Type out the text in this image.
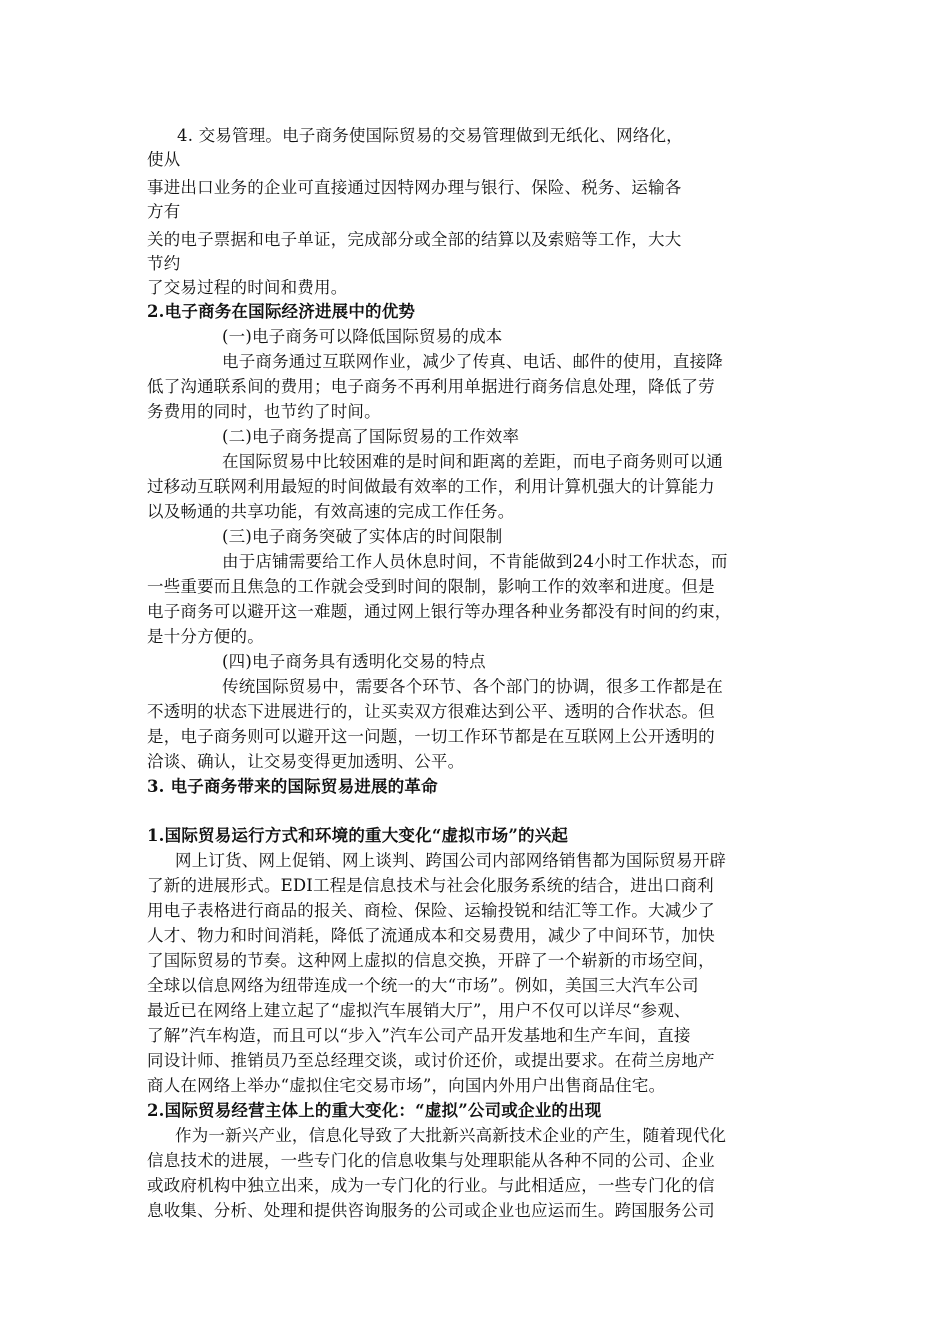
4. 交易管理。电子商务使国际贸易的交易管理做到无纸化、网络化，
使从
事进出口业务的企业可直接通过因特网办理与银行、保险、税务、运输各
方有
关的电子票据和电子单证，完成部分或全部的结算以及索赔等工作，大大
节约
了交易过程的时间和费用。
2.电子商务在国际经济进展中的优势
(一)电子商务可以降低国际贸易的成本
电子商务通过互联网作业，减少了传真、电话、邮件的使用，直接降
低了沟通联系间的费用；电子商务不再利用单据进行商务信息处理，降低了劳
务费用的同时，也节约了时间。
(二)电子商务提高了国际贸易的工作效率
在国际贸易中比较困难的是时间和距离的差距，而电子商务则可以通
过移动互联网利用最短的时间做最有效率的工作，利用计算机强大的计算能力
以及畅通的共享功能，有效高速的完成工作任务。
(三)电子商务突破了实体店的时间限制
由于店铺需要给工作人员休息时间，不肯能做到24小时工作状态，而
一些重要而且焦急的工作就会受到时间的限制，影响工作的效率和进度。但是
电子商务可以避开这一难题，通过网上银行等办理各种业务都没有时间的约束，
是十分方便的。
(四)电子商务具有透明化交易的特点
传统国际贸易中，需要各个环节、各个部门的协调，很多工作都是在
不透明的状态下进展进行的，让买卖双方很难达到公平、透明的合作状态。但
是，电子商务则可以避开这一问题，一切工作环节都是在互联网上公开透明的
洽谈、确认，让交易变得更加透明、公平。
3. 电子商务带来的国际贸易进展的革命
1.国际贸易运行方式和环境的重大变化“虚拟市场”的兴起
网上订货、网上促销、网上谈判、跨国公司内部网络销售都为国际贸易开辟
了新的进展形式。EDI工程是信息技术与社会化服务系统的结合，进出口商利
用电子表格进行商品的报关、商检、保险、运输投锐和结汇等工作。大减少了
人才、物力和时间消耗，降低了流通成本和交易费用，减少了中间环节，加快
了国际贸易的节奏。这种网上虚拟的信息交换，开辟了一个崭新的市场空间，
全球以信息网络为纽带连成一个统一的大“市场”。例如，美国三大汽车公司
最近已在网络上建立起了“虚拟汽车展销大厅”，用户不仅可以详尽“参观、
了解”汽车构造，而且可以“步入”汽车公司产品开发基地和生产车间，直接
同设计师、推销员乃至总经理交谈，或讨价还价，或提出要求。在荷兰房地产
商人在网络上举办“虚拟住宅交易市场”，向国内外用户出售商品住宅。
2.国际贸易经营主体上的重大变化：“虚拟”公司或企业的出现
作为一新兴产业，信息化导致了大批新兴高新技术企业的产生，随着现代化
信息技术的进展，一些专门化的信息收集与处理职能从各种不同的公司、企业
或政府机构中独立出来，成为一专门化的行业。与此相适应，一些专门化的信
息收集、分析、处理和提供咨询服务的公司或企业也应运而生。跨国服务公司
